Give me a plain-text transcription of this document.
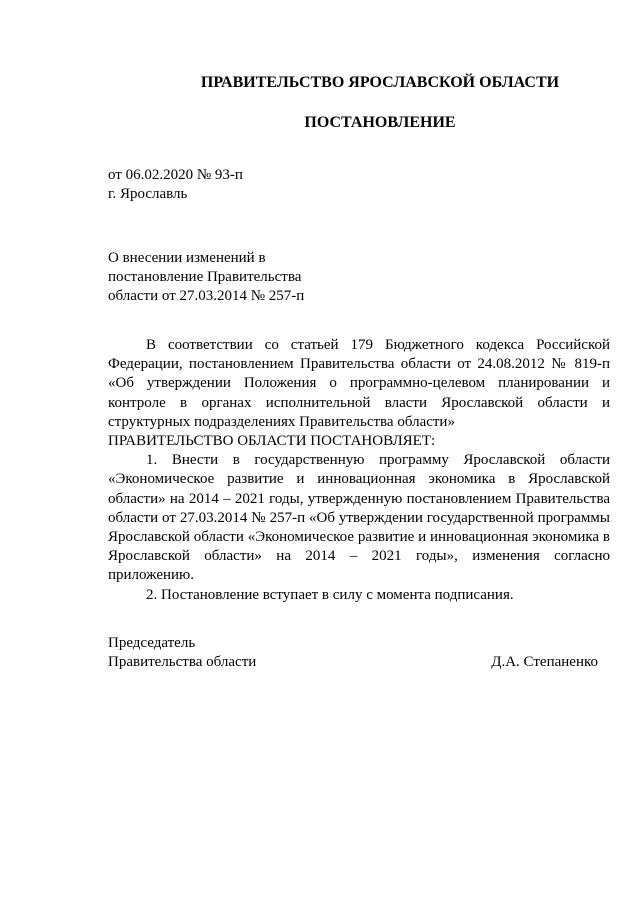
ПРАВИТЕЛЬСТВО ЯРОСЛАВСКОЙ ОБЛАСТИ
ПОСТАНОВЛЕНИЕ
от 06.02.2020 № 93-п
г. Ярославль
О внесении изменений в
постановление Правительства
области от 27.03.2014 № 257-п

В соответствии со статьей 179 Бюджетного кодекса Российской Федерации, постановлением Правительства области от 24.08.2012 № 819-п «Об утверждении Положения о программно-целевом планировании и контроле в органах исполнительной власти Ярославской области и структурных подразделениях Правительства области»

ПРАВИТЕЛЬСТВО ОБЛАСТИ ПОСТАНОВЛЯЕТ:

1. Внести в государственную программу Ярославской области «Экономическое развитие и инновационная экономика в Ярославской области» на 2014 – 2021 годы, утвержденную постановлением Правительства области от 27.03.2014 № 257-п «Об утверждении государственной программы Ярославской области «Экономическое развитие и инновационная экономика в Ярославской области» на 2014 – 2021 годы», изменения согласно приложению.

2. Постановление вступает в силу с момента подписания.

Председатель
Правительства области	Д.А. Степаненко
